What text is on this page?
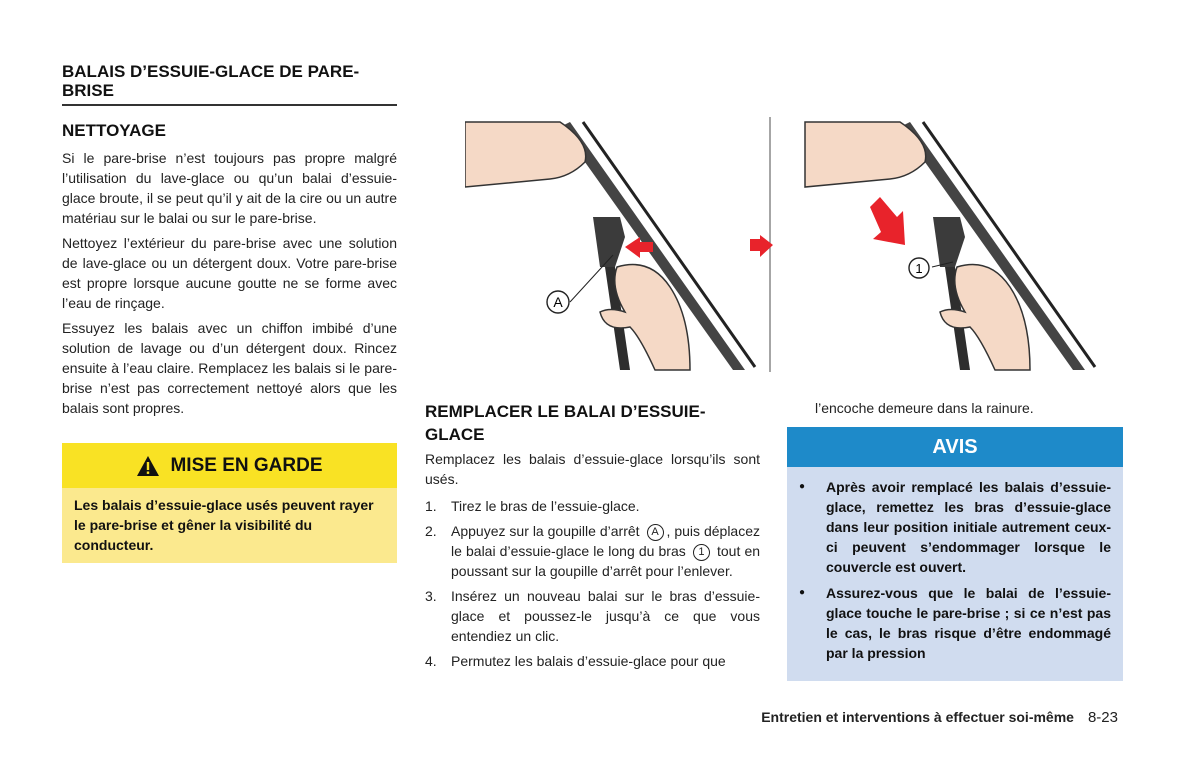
BALAIS D’ESSUIE-GLACE DE PARE-BRISE
NETTOYAGE

Si le pare-brise n’est toujours pas propre malgré l’utilisation du lave-glace ou qu’un balai d’essuie-glace broute, il se peut qu’il y ait de la cire ou un autre matériau sur le balai ou sur le pare-brise.

Nettoyez l’extérieur du pare-brise avec une solution de lave-glace ou un détergent doux. Votre pare-brise est propre lorsque aucune goutte ne se forme avec l’eau de rinçage.

Essuyez les balais avec un chiffon imbibé d’une solution de lavage ou d’un détergent doux. Rincez ensuite à l’eau claire. Remplacez les balais si le pare-brise n’est pas correctement nettoyé alors que les balais sont propres.

MISE EN GARDE
Les balais d’essuie-glace usés peuvent rayer le pare-brise et gêner la visibilité du conducteur.
A
1
REMPLACER LE BALAI D’ESSUIE-GLACE

Remplacez les balais d’essuie-glace lorsqu’ils sont usés.

1. Tirez le bras de l’essuie-glace.
2. Appuyez sur la goupille d’arrêt A , puis déplacez le balai d’essuie-glace le long du bras 1 tout en poussant sur la goupille d’arrêt pour l’enlever.
3. Insérez un nouveau balai sur le bras d’essuie-glace et poussez-le jusqu’à ce que vous entendiez un clic.
4. Permutez les balais d’essuie-glace pour que
l’encoche demeure dans la rainure.
AVIS
● Après avoir remplacé les balais d’essuie-glace, remettez les bras d’essuie-glace dans leur position initiale autrement ceux-ci peuvent s’endommager lorsque le couvercle est ouvert.
● Assurez-vous que le balai de l’essuie-glace touche le pare-brise ; si ce n’est pas le cas, le bras risque d’être endommagé par la pression
Entretien et interventions à effectuer soi-même 8-23
